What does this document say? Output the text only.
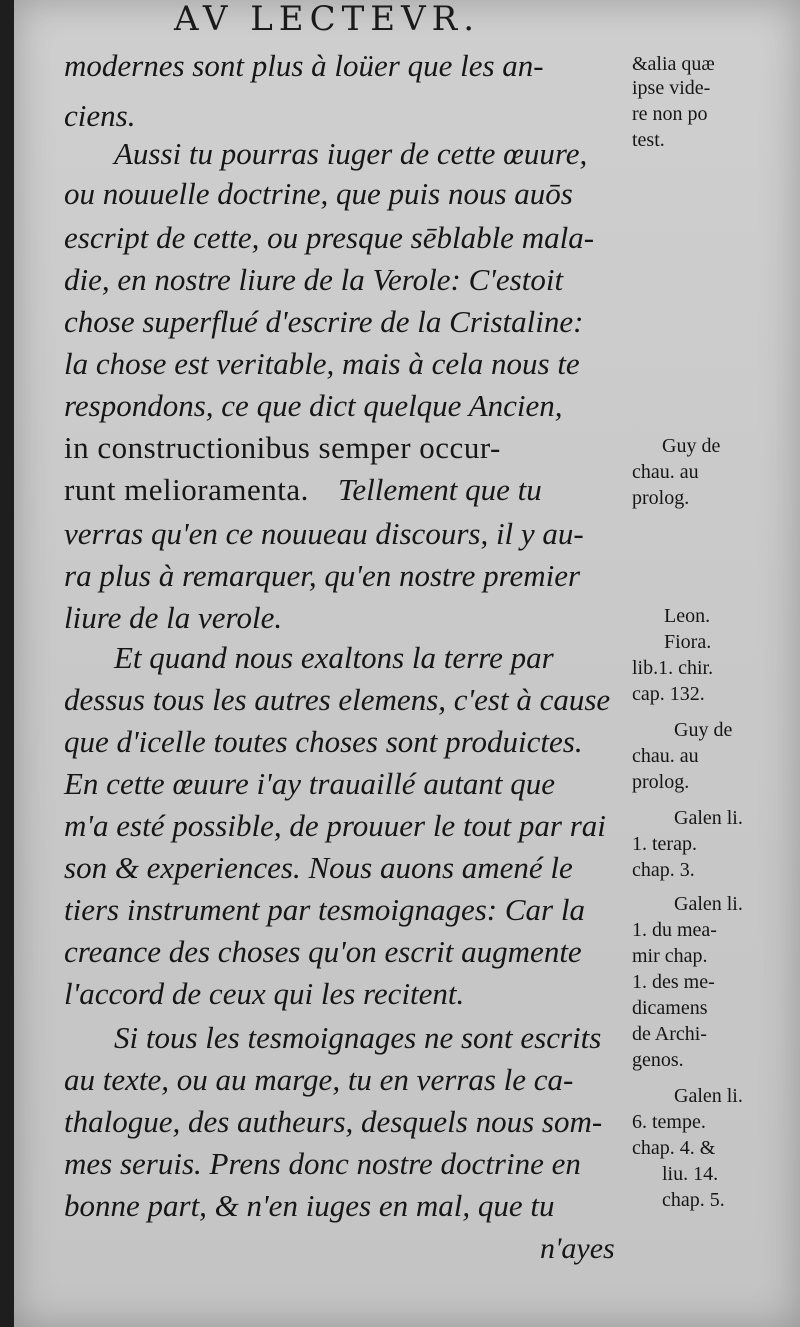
AV LECTEVR.
modernes sont plus à loüer que les an-
ciens.
Aussi tu pourras iuger de cette œuure,
ou nouuelle doctrine, que puis nous auōs
escript de cette, ou presque sēblable mala-
die, en nostre liure de la Verole: C'estoit
chose superflué d'escrire de la Cristaline:
la chose est veritable, mais à cela nous te
respondons, ce que dict quelque Ancien,
in constructionibus semper occur-
runt melioramenta. Tellement que tu
verras qu'en ce nouueau discours, il y au-
ra plus à remarquer, qu'en nostre premier
liure de la verole.
Et quand nous exaltons la terre par
dessus tous les autres elemens, c'est à cause
que d'icelle toutes choses sont produictes.
En cette œuure i'ay trauaillé autant que
m'a esté possible, de prouuer le tout par rai
son & experiences. Nous auons amené le
tiers instrument par tesmoignages: Car la
creance des choses qu'on escrit augmente
l'accord de ceux qui les recitent.
Si tous les tesmoignages ne sont escrits
au texte, ou au marge, tu en verras le ca-
thalogue, des autheurs, desquels nous som-
mes seruis. Prens donc nostre doctrine en
bonne part, & n'en iuges en mal, que tu
n'ayes
&alia quæ
ipse vide-
re non po
test.
Guy de
chau. au
prolog.
Leon.
Fiora.
lib.1. chir.
cap. 132.
Guy de
chau. au
prolog.
Galen li.
1. terap.
chap. 3.
Galen li.
1. du mea-
mir chap.
1. des me-
dicamens
de Archi-
genos.
Galen li.
6. tempe.
chap. 4. &
liu. 14.
chap. 5.
